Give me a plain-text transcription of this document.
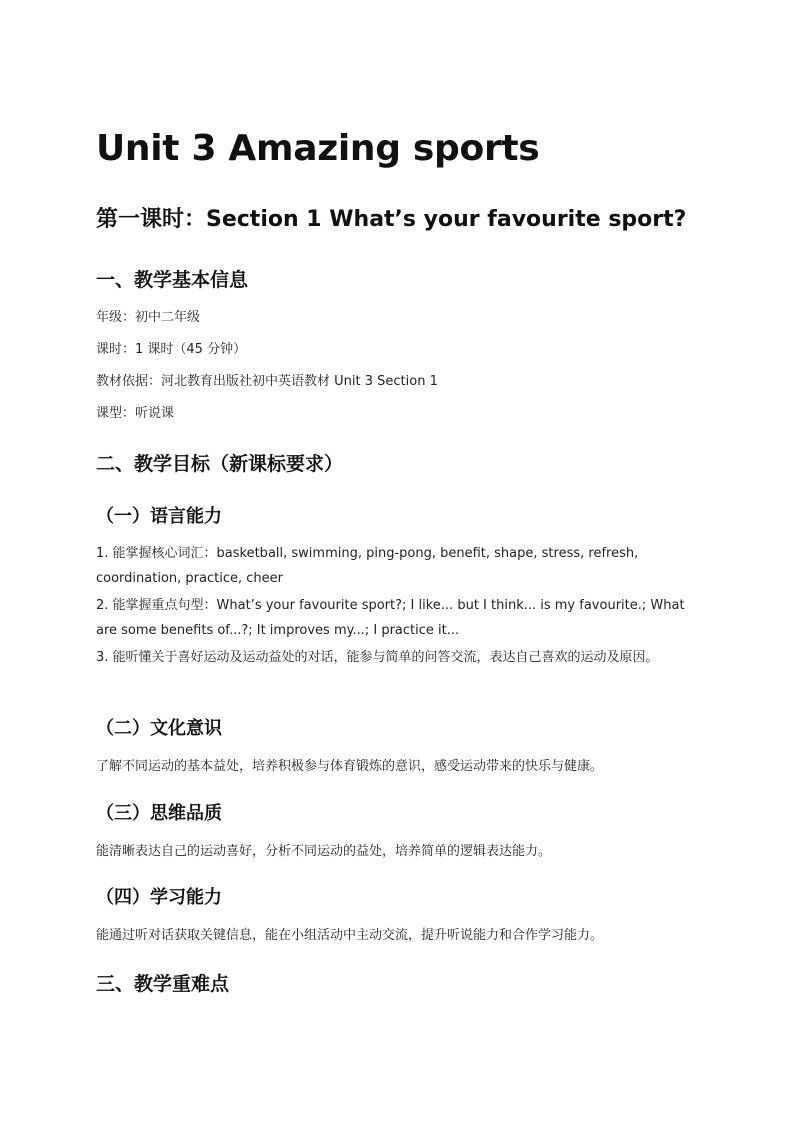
Unit 3 Amazing sports
第一课时：Section 1 What’s your favourite sport?
一、教学基本信息

年级：初中二年级

课时：1 课时（45 分钟）

教材依据：河北教育出版社初中英语教材 Unit 3 Section 1

课型：听说课

二、教学目标（新课标要求）
（一）语言能力

1. 能掌握核心词汇：basketball, swimming, ping-pong, benefit, shape, stress, refresh, coordination, practice, cheer

2. 能掌握重点句型：What’s your favourite sport?; I like... but I think... is my favourite.; What are some benefits of...?; It improves my...; I practice it...

3. 能听懂关于喜好运动及运动益处的对话，能参与简单的问答交流，表达自己喜欢的运动及原因。

（二）文化意识

了解不同运动的基本益处，培养积极参与体育锻炼的意识，感受运动带来的快乐与健康。

（三）思维品质

能清晰表达自己的运动喜好，分析不同运动的益处，培养简单的逻辑表达能力。

（四）学习能力

能通过听对话获取关键信息，能在小组活动中主动交流，提升听说能力和合作学习能力。

三、教学重难点
